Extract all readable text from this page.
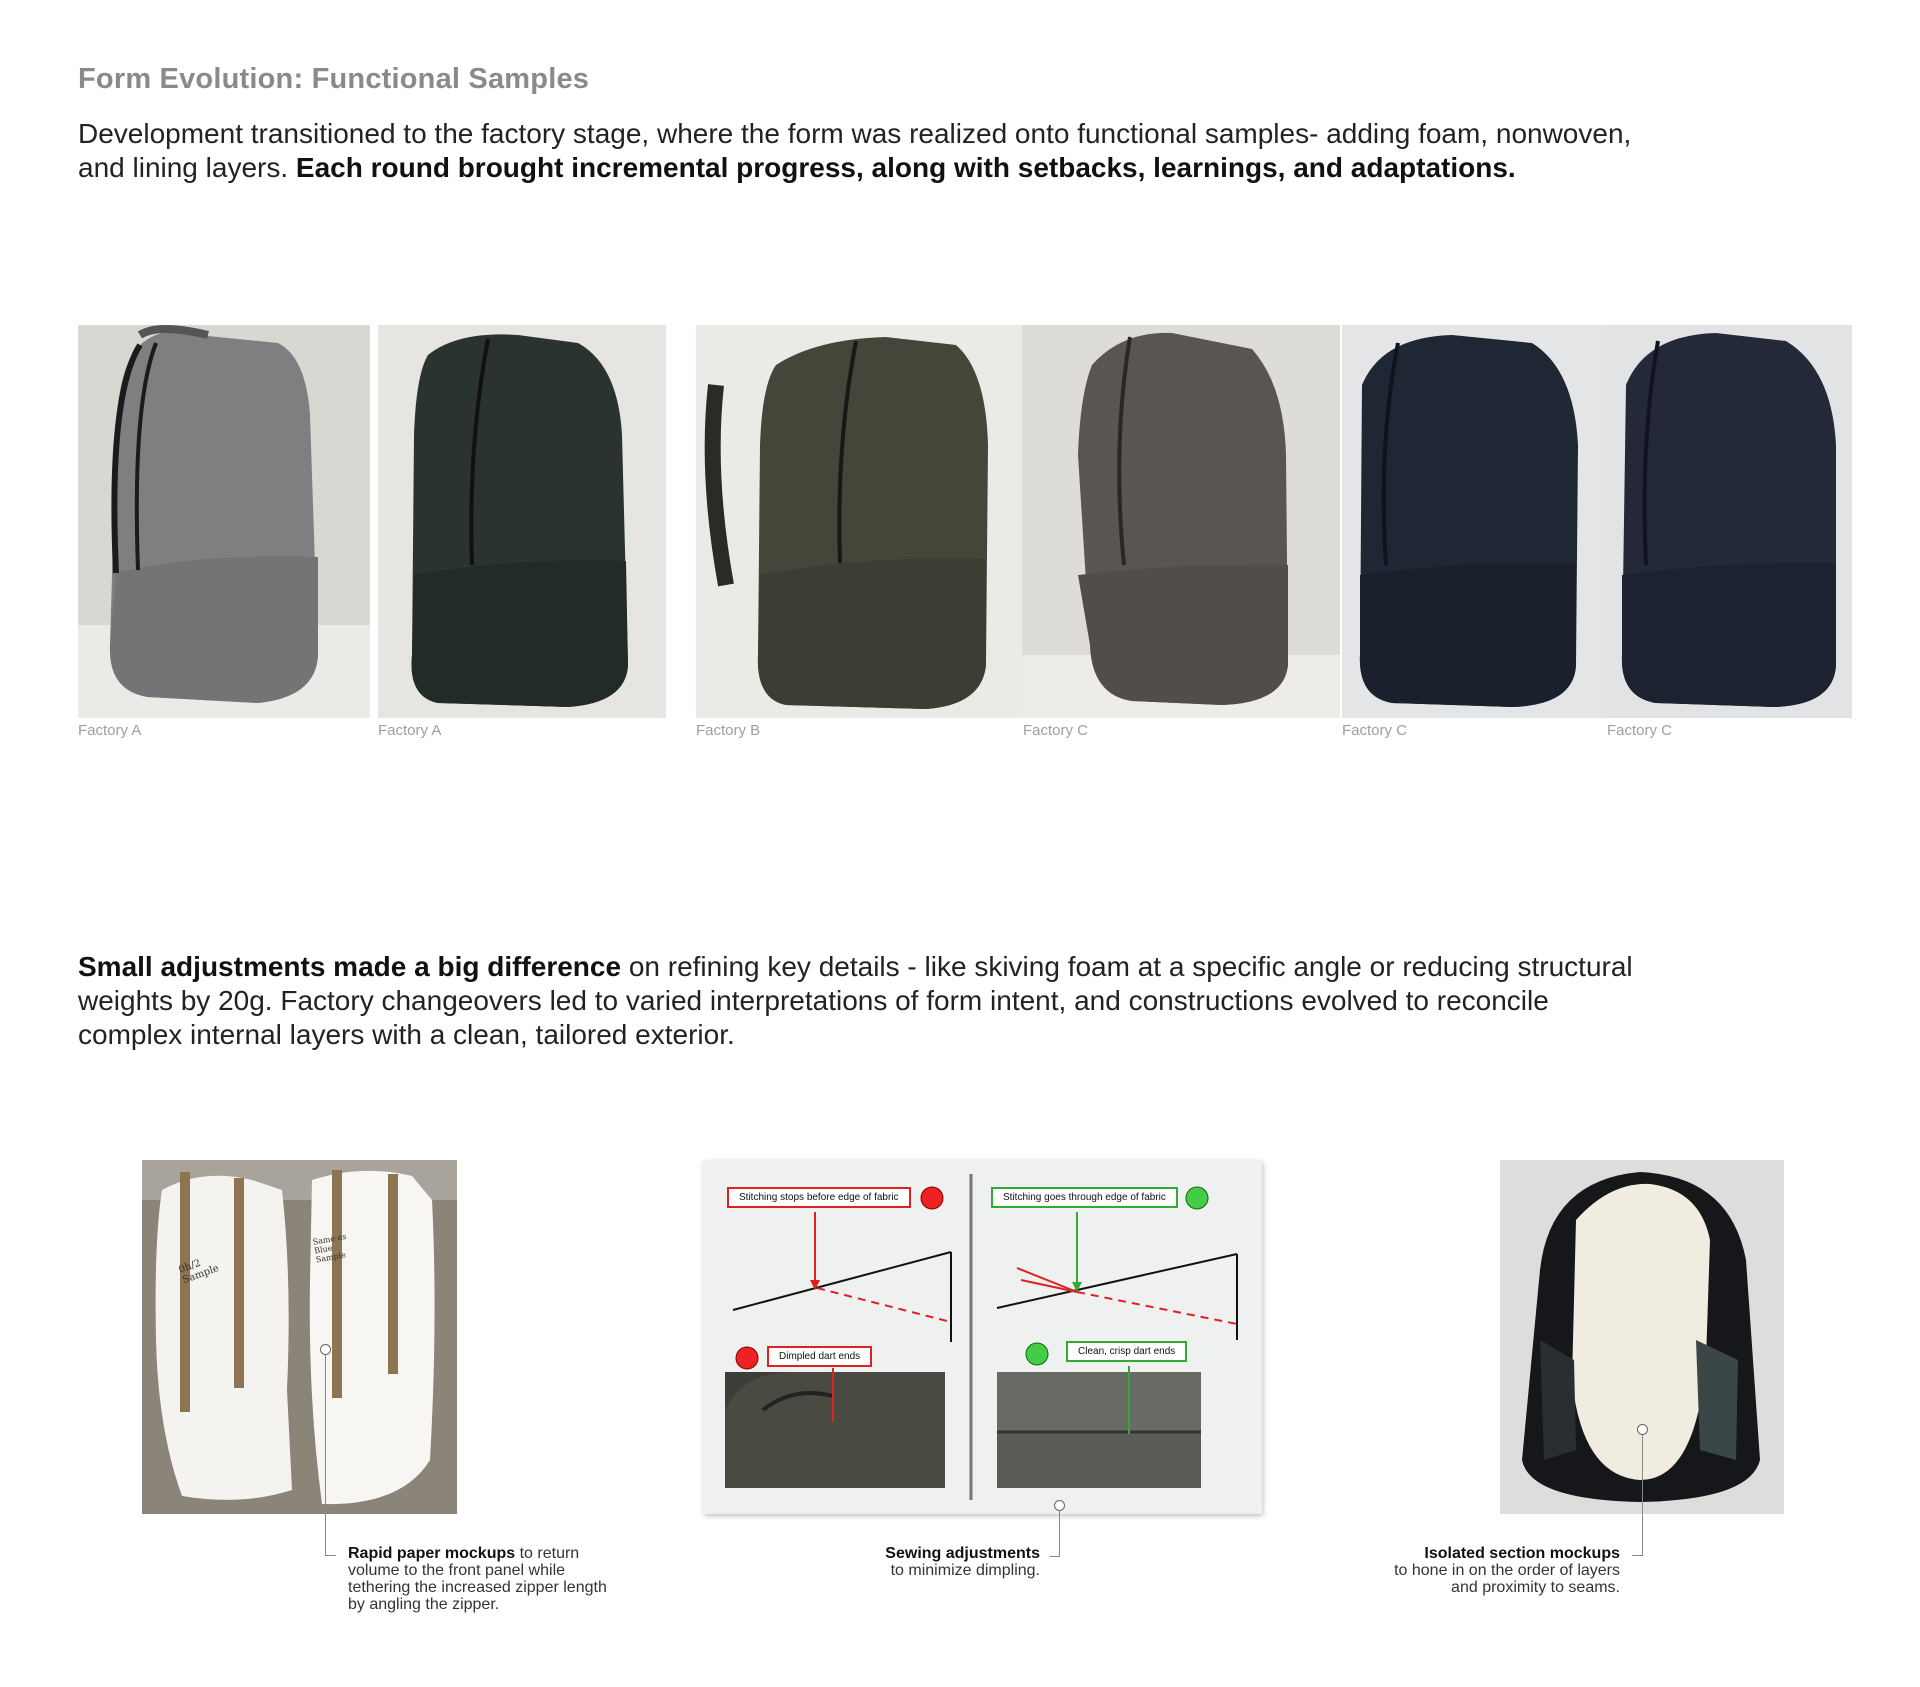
Form Evolution: Functional Samples
Development transitioned to the factory stage, where the form was realized onto functional samples- adding foam, nonwoven, and lining layers. Each round brought incremental progress, along with setbacks, learnings, and adaptations.
Factory A	Factory A	Factory B	Factory C	Factory C	Factory C
Small adjustments made a big difference on refining key details - like skiving foam at a specific angle or reducing structural weights by 20g. Factory changeovers led to varied interpretations of form intent, and constructions evolved to reconcile complex internal layers with a clean, tailored exterior.
0h/2 Sample
Same as Blue Sample
Rapid paper mockups to return volume to the front panel while tethering the increased zipper length by angling the zipper.
Stitching stops before edge of fabric	Stitching goes through edge of fabric
Dimpled dart ends	Clean, crisp dart ends
Sewing adjustments
to minimize dimpling.
Isolated section mockups
to hone in on the order of layers
and proximity to seams.
